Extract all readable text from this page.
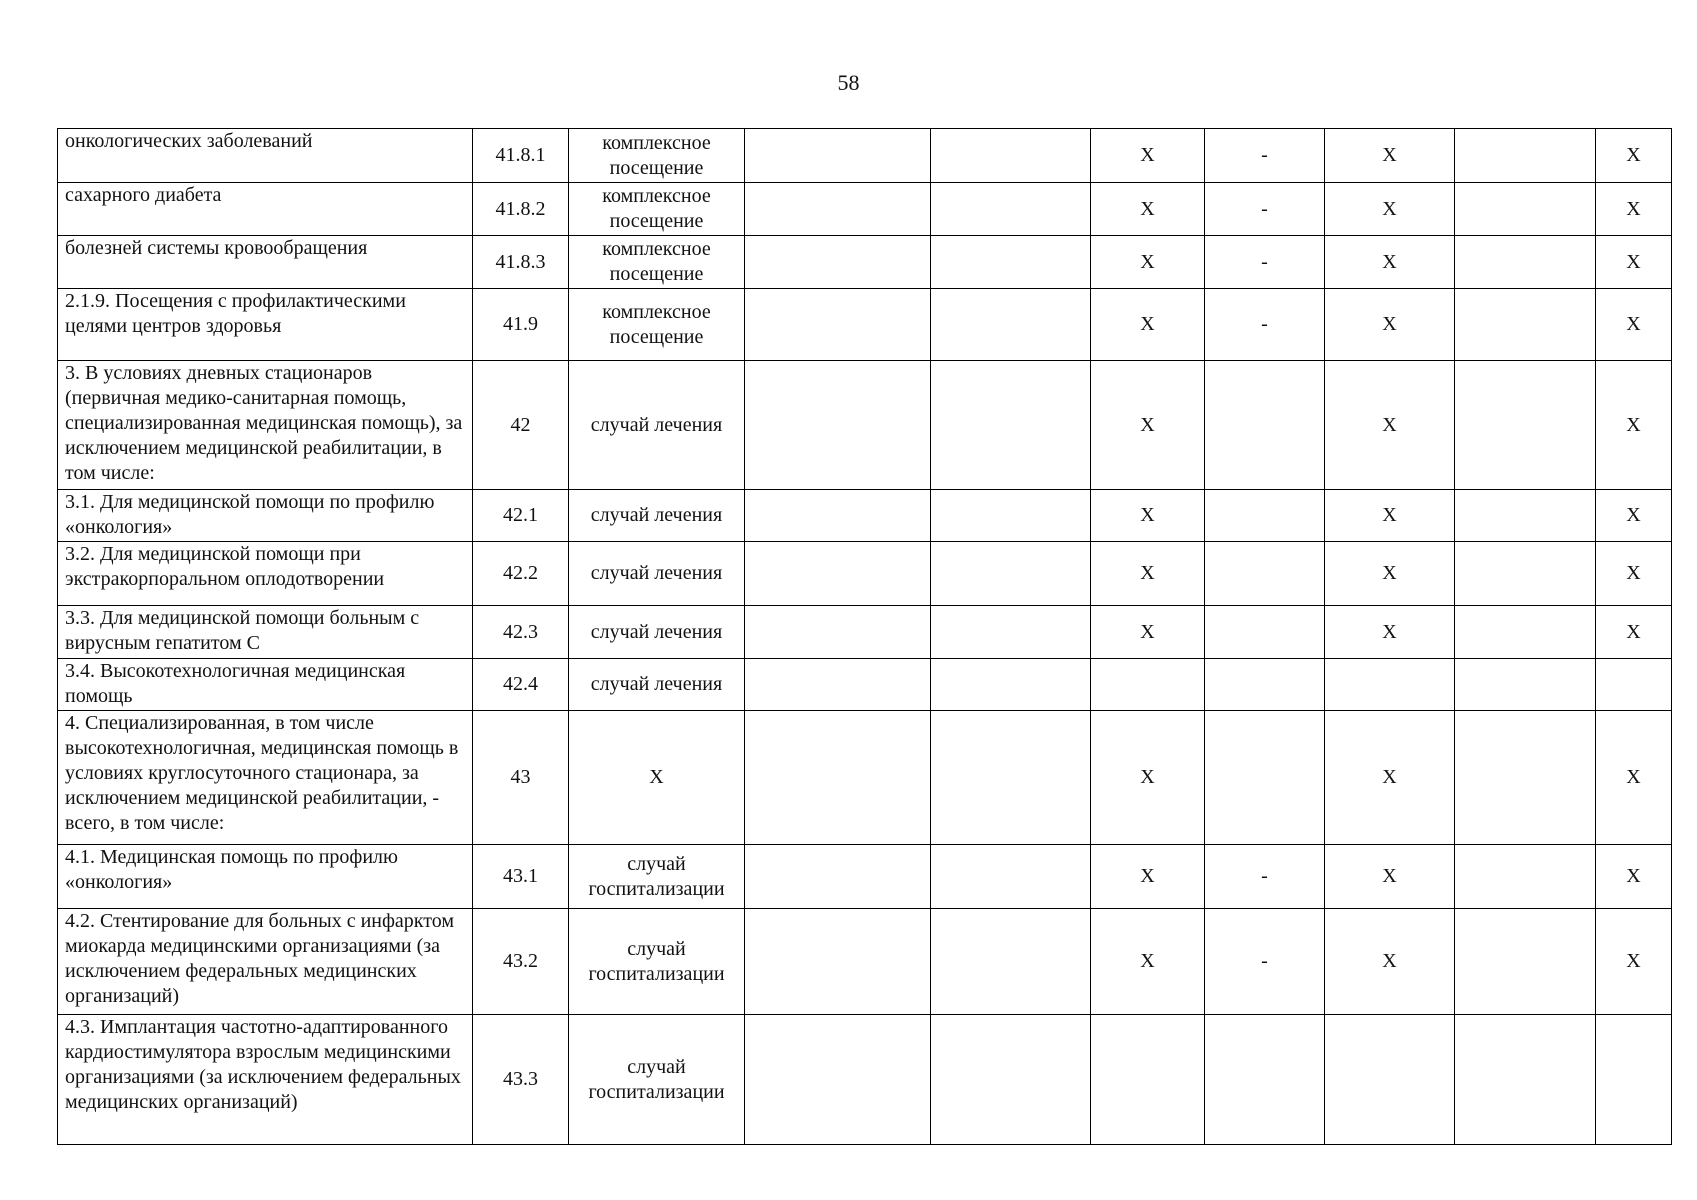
58
онкологических заболеваний	41.8.1	комплексное посещение			X	-	X		X
сахарного диабета	41.8.2	комплексное посещение			X	-	X		X
болезней системы кровообращения	41.8.3	комплексное посещение			X	-	X		X
2.1.9. Посещения с профилактическими целями центров здоровья	41.9	комплексное посещение			X	-	X		X
3. В условиях дневных стационаров (первичная медико-санитарная помощь, специализированная медицинская помощь), за исключением медицинской реабилитации, в том числе:	42	случай лечения			X		X		X
3.1. Для медицинской помощи по профилю «онкология»	42.1	случай лечения			X		X		X
3.2. Для медицинской помощи при экстракорпоральном оплодотворении	42.2	случай лечения			X		X		X
3.3. Для медицинской помощи больным с вирусным гепатитом С	42.3	случай лечения			X		X		X
3.4. Высокотехнологичная медицинская помощь	42.4	случай лечения							
4. Специализированная, в том числе высокотехнологичная, медицинская помощь в условиях круглосуточного стационара, за исключением медицинской реабилитации, - всего, в том числе:	43	X			X		X		X
4.1. Медицинская помощь по профилю «онкология»	43.1	случай госпитализации			X	-	X		X
4.2. Стентирование для больных с инфарктом миокарда медицинскими организациями (за исключением федеральных медицинских организаций)	43.2	случай госпитализации			X	-	X		X
4.3. Имплантация частотно-адаптированного кардиостимулятора взрослым медицинскими организациями (за исключением федеральных медицинских организаций)	43.3	случай госпитализации							
